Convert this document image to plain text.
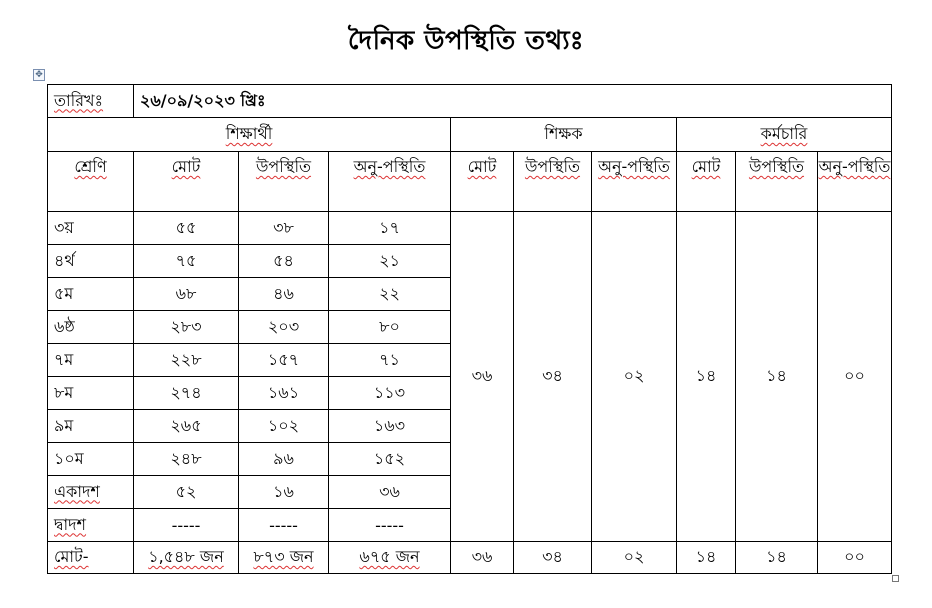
দৈনিক উপস্থিতি তথ্যঃ
✥
তারিখঃ	২৬/০৯/২০২৩ খ্রিঃ								
শিক্ষার্থী				শিক্ষক			কর্মচারি		
শ্রেণি	মোট	উপস্থিতি	অনু-পস্থিতি	মোট	উপস্থিতি	অনু-পস্থিতি	মোট	উপস্থিতি	অনু-পস্থিতি
৩য়	৫৫	৩৮	১৭	৩৬	৩৪	০২	১৪	১৪	০০
৪র্থ	৭৫	৫৪	২১						
৫ম	৬৮	৪৬	২২						
৬ষ্ঠ	২৮৩	২০৩	৮০						
৭ম	২২৮	১৫৭	৭১						
৮ম	২৭৪	১৬১	১১৩						
৯ম	২৬৫	১০২	১৬৩						
১০ম	২৪৮	৯৬	১৫২						
একাদশ	৫২	১৬	৩৬						
দ্বাদশ	-----	-----	-----						
মোট-	১,৫৪৮ জন	৮৭৩ জন	৬৭৫ জন	৩৬	৩৪	০২	১৪	১৪	০০
